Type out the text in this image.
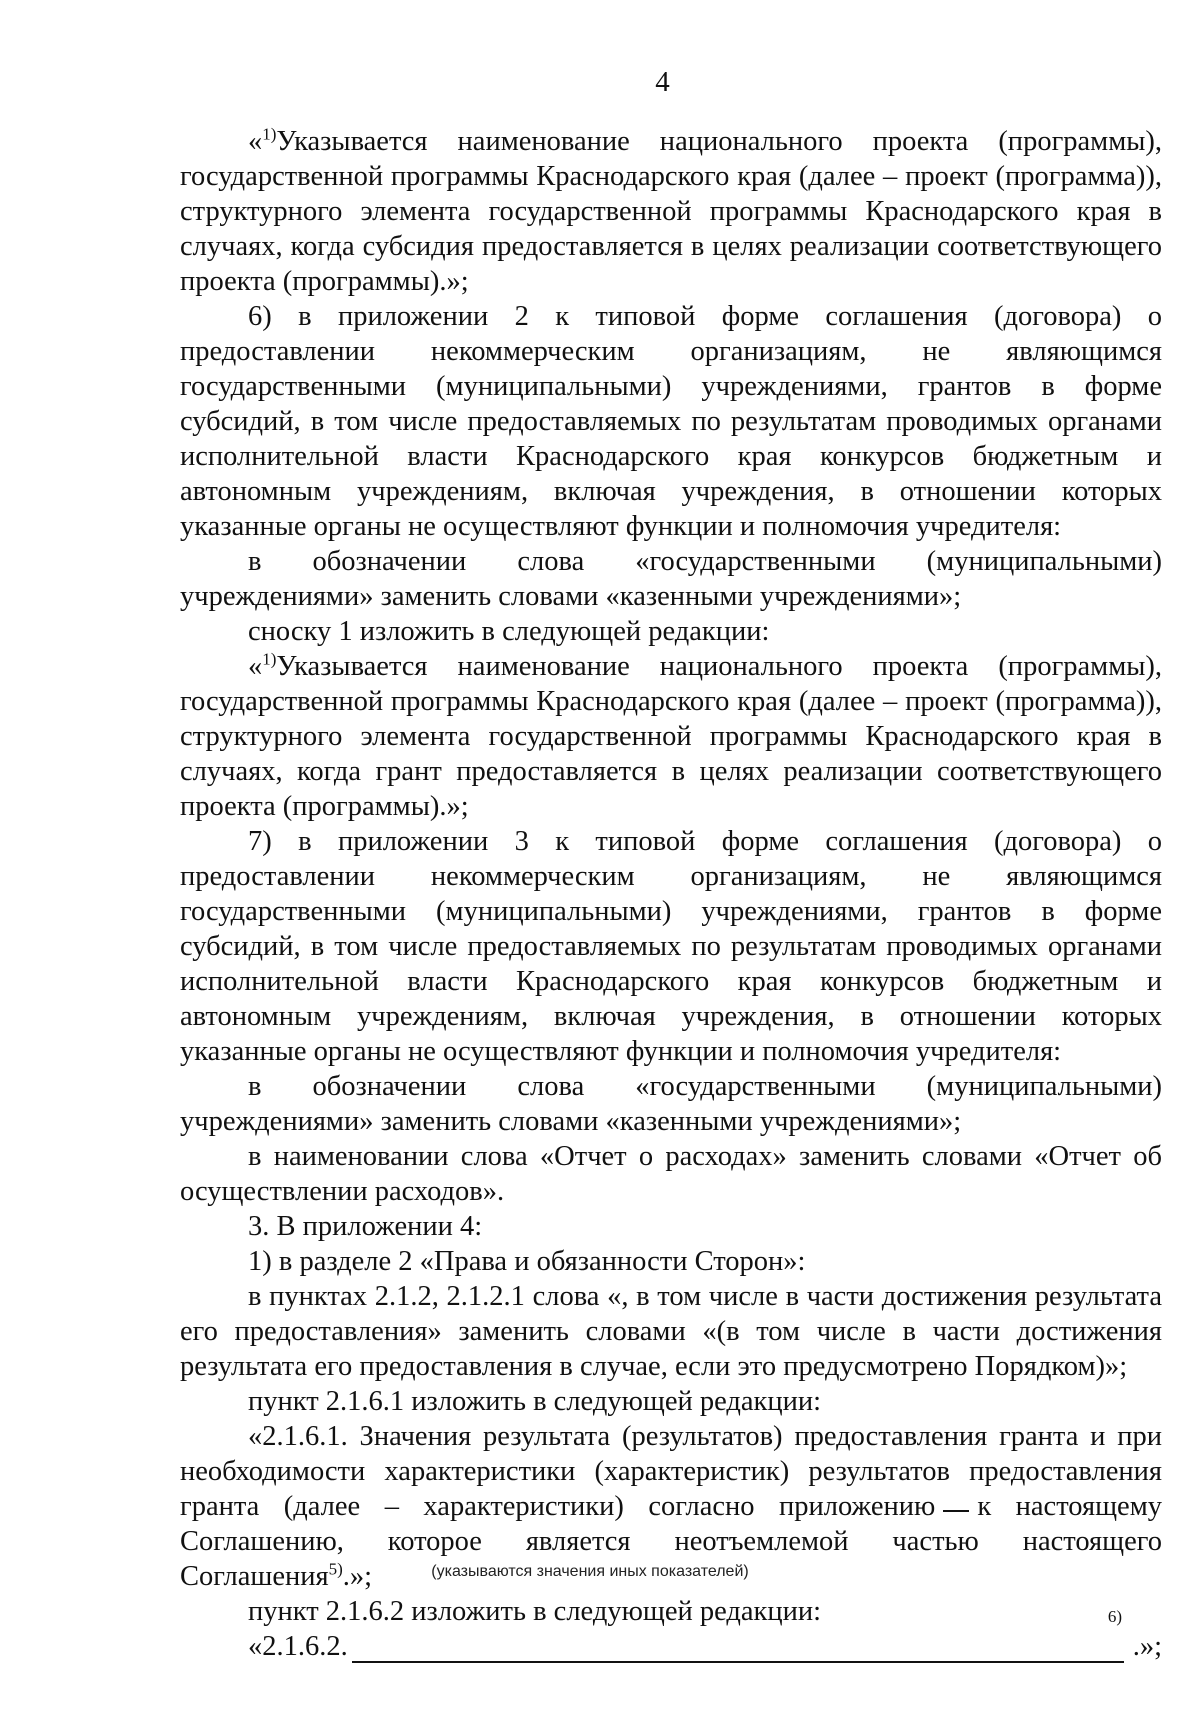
4

«$^{1)}$Указывается наименование национального проекта (программы), государственной программы Краснодарского края (далее – проект (программа)), структурного элемента государственной программы Краснодарского края в случаях, когда субсидия предоставляется в целях реализации соответствующего проекта (программы).»;

6) в приложении 2 к типовой форме соглашения (договора) о предоставлении некоммерческим организациям, не являющимся государственными (муниципальными) учреждениями, грантов в форме субсидий, в том числе предоставляемых по результатам проводимых органами исполнительной власти Краснодарского края конкурсов бюджетным и автономным учреждениям, включая учреждения, в отношении которых указанные органы не осуществляют функции и полномочия учредителя:

в обозначении слова «государственными (муниципальными) учреждениями» заменить словами «казенными учреждениями»;

сноску 1 изложить в следующей редакции:

«$^{1)}$Указывается наименование национального проекта (программы), государственной программы Краснодарского края (далее – проект (программа)), структурного элемента государственной программы Краснодарского края в случаях, когда грант предоставляется в целях реализации соответствующего проекта (программы).»;

7) в приложении 3 к типовой форме соглашения (договора) о предоставлении некоммерческим организациям, не являющимся государственными (муниципальными) учреждениями, грантов в форме субсидий, в том числе предоставляемых по результатам проводимых органами исполнительной власти Краснодарского края конкурсов бюджетным и автономным учреждениям, включая учреждения, в отношении которых указанные органы не осуществляют функции и полномочия учредителя:

в обозначении слова «государственными (муниципальными) учреждениями» заменить словами «казенными учреждениями»;

в наименовании слова «Отчет о расходах» заменить словами «Отчет об осуществлении расходов».

3. В приложении 4:

1) в разделе 2 «Права и обязанности Сторон»:

в пунктах 2.1.2, 2.1.2.1 слова «, в том числе в части достижения результата его предоставления» заменить словами «(в том числе в части достижения результата его предоставления в случае, если это предусмотрено Порядком)»;

пункт 2.1.6.1 изложить в следующей редакции:

«2.1.6.1. Значения результата (результатов) предоставления гранта и при необходимости характеристики (характеристик) результатов предоставления гранта (далее – характеристики) согласно приложению к настоящему Соглашению, которое является неотъемлемой частью настоящего Соглашения$^{5)}$.»;

пункт 2.1.6.2 изложить в следующей редакции:

«2.1.6.2.
6)
.»;
(указываются значения иных показателей)
